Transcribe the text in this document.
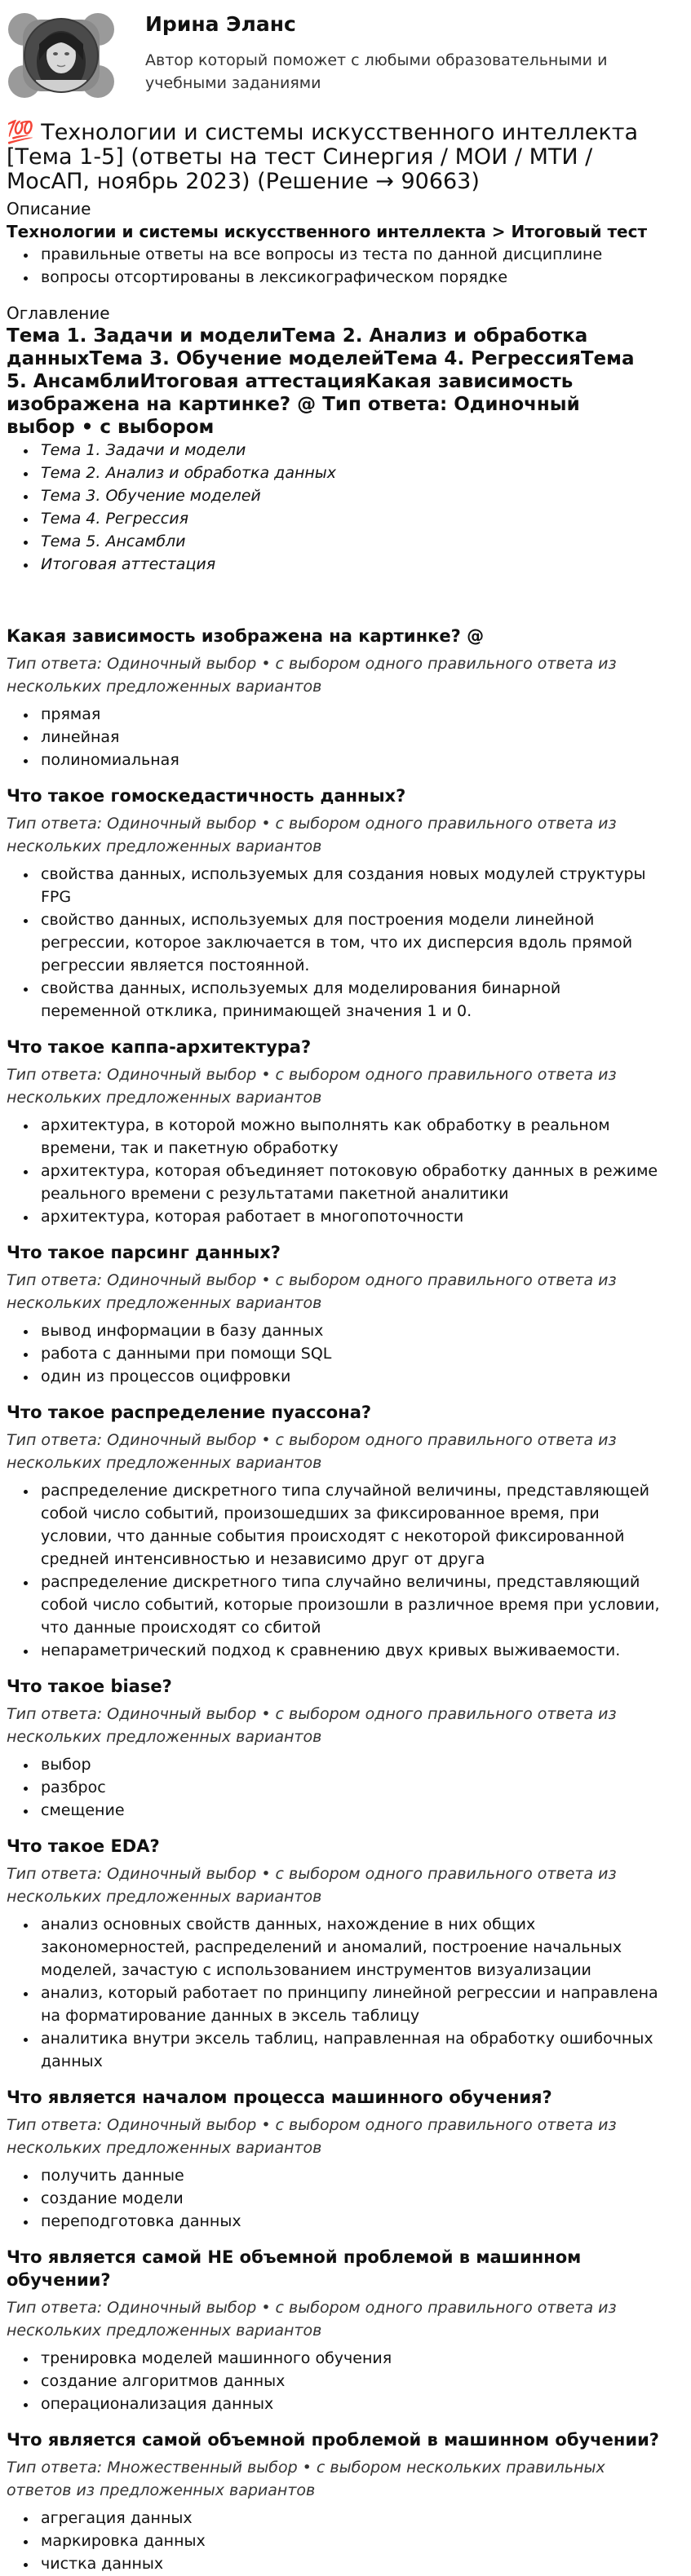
Ирина Эланс
Автор который поможет с любыми образовательными и учебными заданиями
💯 Технологии и системы искусственного интеллекта [Тема 1-5] (ответы на тест Синергия / МОИ / МТИ / МосАП, ноябрь 2023) (Решение → 90663)
Описание
Технологии и системы искусственного интеллекта > Итоговый тест
• правильные ответы на все вопросы из теста по данной дисциплине
• вопросы отсортированы в лексикографическом порядке
Оглавление
Тема 1. Задачи и моделиТема 2. Анализ и обработка данныхТема 3. Обучение моделейТема 4. РегрессияТема 5. АнсамблиИтоговая аттестацияКакая зависимость изображена на картинке? @ Тип ответа: Одиночный выбор • с выбором
• Тема 1. Задачи и модели
• Тема 2. Анализ и обработка данных
• Тема 3. Обучение моделей
• Тема 4. Регрессия
• Тема 5. Ансамбли
• Итоговая аттестация
Какая зависимость изображена на картинке? @
Тип ответа: Одиночный выбор • с выбором одного правильного ответа из нескольких предложенных вариантов
• прямая
• линейная
• полиномиальная
Что такое гомоскедастичность данных?
Тип ответа: Одиночный выбор • с выбором одного правильного ответа из нескольких предложенных вариантов
• свойства данных, используемых для создания новых модулей структуры FPG
• свойство данных, используемых для построения модели линейной регрессии, которое заключается в том, что их дисперсия вдоль прямой регрессии является постоянной.
• свойства данных, используемых для моделирования бинарной переменной отклика, принимающей значения 1 и 0.
Что такое каппа-архитектура?
Тип ответа: Одиночный выбор • с выбором одного правильного ответа из нескольких предложенных вариантов
• архитектура, в которой можно выполнять как обработку в реальном времени, так и пакетную обработку
• архитектура, которая объединяет потоковую обработку данных в режиме реального времени с результатами пакетной аналитики
• архитектура, которая работает в многопоточности
Что такое парсинг данных?
Тип ответа: Одиночный выбор • с выбором одного правильного ответа из нескольких предложенных вариантов
• вывод информации в базу данных
• работа с данными при помощи SQL
• один из процессов оцифровки
Что такое распределение пуассона?
Тип ответа: Одиночный выбор • с выбором одного правильного ответа из нескольких предложенных вариантов
• распределение дискретного типа случайной величины, представляющей собой число событий, произошедших за фиксированное время, при условии, что данные события происходят с некоторой фиксированной средней интенсивностью и независимо друг от друга
• распределение дискретного типа случайно величины, представляющий собой число событий, которые произошли в различное время при условии, что данные происходят со сбитой
• непараметрический подход к сравнению двух кривых выживаемости.
Что такое biase?
Тип ответа: Одиночный выбор • с выбором одного правильного ответа из нескольких предложенных вариантов
• выбор
• разброс
• смещение
Что такое EDA?
Тип ответа: Одиночный выбор • с выбором одного правильного ответа из нескольких предложенных вариантов
• анализ основных свойств данных, нахождение в них общих закономерностей, распределений и аномалий, построение начальных моделей, зачастую с использованием инструментов визуализации
• анализ, который работает по принципу линейной регрессии и направлена на форматирование данных в эксель таблицу
• аналитика внутри эксель таблиц, направленная на обработку ошибочных данных
Что является началом процесса машинного обучения?
Тип ответа: Одиночный выбор • с выбором одного правильного ответа из нескольких предложенных вариантов
• получить данные
• создание модели
• переподготовка данных
Что является самой НЕ объемной проблемой в машинном обучении?
Тип ответа: Одиночный выбор • с выбором одного правильного ответа из нескольких предложенных вариантов
• тренировка моделей машинного обучения
• создание алгоритмов данных
• операционализация данных
Что является самой объемной проблемой в машинном обучении?
Тип ответа: Множественный выбор • с выбором нескольких правильных ответов из предложенных вариантов
• агрегация данных
• маркировка данных
• чистка данных
